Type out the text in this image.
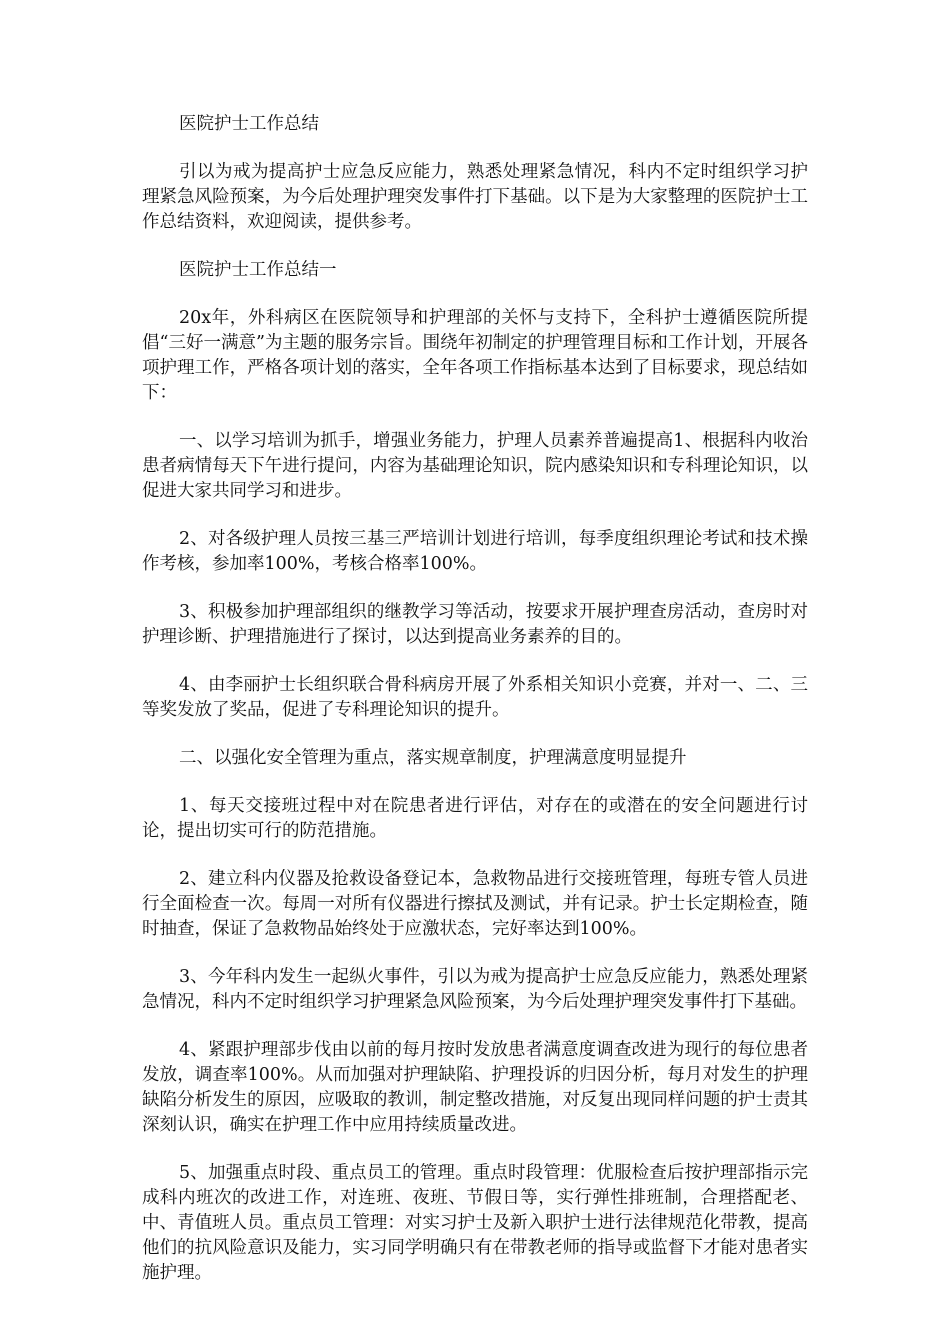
医院护士工作总结

引以为戒为提高护士应急反应能力，熟悉处理紧急情况，科内不定时组织学习护理紧急风险预案，为今后处理护理突发事件打下基础。以下是为大家整理的医院护士工作总结资料，欢迎阅读，提供参考。

医院护士工作总结一

20x年，外科病区在医院领导和护理部的关怀与支持下，全科护士遵循医院所提倡“三好一满意”为主题的服务宗旨。围绕年初制定的护理管理目标和工作计划，开展各项护理工作，严格各项计划的落实，全年各项工作指标基本达到了目标要求，现总结如下：

一、以学习培训为抓手，增强业务能力，护理人员素养普遍提高1、根据科内收治患者病情每天下午进行提问，内容为基础理论知识，院内感染知识和专科理论知识，以促进大家共同学习和进步。

2、对各级护理人员按三基三严培训计划进行培训，每季度组织理论考试和技术操作考核，参加率100%，考核合格率100%。

3、积极参加护理部组织的继教学习等活动，按要求开展护理查房活动，查房时对护理诊断、护理措施进行了探讨，以达到提高业务素养的目的。

4、由李丽护士长组织联合骨科病房开展了外系相关知识小竞赛，并对一、二、三等奖发放了奖品，促进了专科理论知识的提升。

二、以强化安全管理为重点，落实规章制度，护理满意度明显提升

1、每天交接班过程中对在院患者进行评估，对存在的或潜在的安全问题进行讨论，提出切实可行的防范措施。

2、建立科内仪器及抢救设备登记本，急救物品进行交接班管理，每班专管人员进行全面检查一次。每周一对所有仪器进行擦拭及测试，并有记录。护士长定期检查，随时抽查，保证了急救物品始终处于应激状态，完好率达到100%。

3、今年科内发生一起纵火事件，引以为戒为提高护士应急反应能力，熟悉处理紧急情况，科内不定时组织学习护理紧急风险预案，为今后处理护理突发事件打下基础。

4、紧跟护理部步伐由以前的每月按时发放患者满意度调查改进为现行的每位患者发放，调查率100%。从而加强对护理缺陷、护理投诉的归因分析，每月对发生的护理缺陷分析发生的原因，应吸取的教训，制定整改措施，对反复出现同样问题的护士责其深刻认识，确实在护理工作中应用持续质量改进。

5、加强重点时段、重点员工的管理。重点时段管理：优服检查后按护理部指示完成科内班次的改进工作，对连班、夜班、节假日等，实行弹性排班制，合理搭配老、中、青值班人员。重点员工管理：对实习护士及新入职护士进行法律规范化带教，提高他们的抗风险意识及能力，实习同学明确只有在带教老师的指导或监督下才能对患者实施护理。
